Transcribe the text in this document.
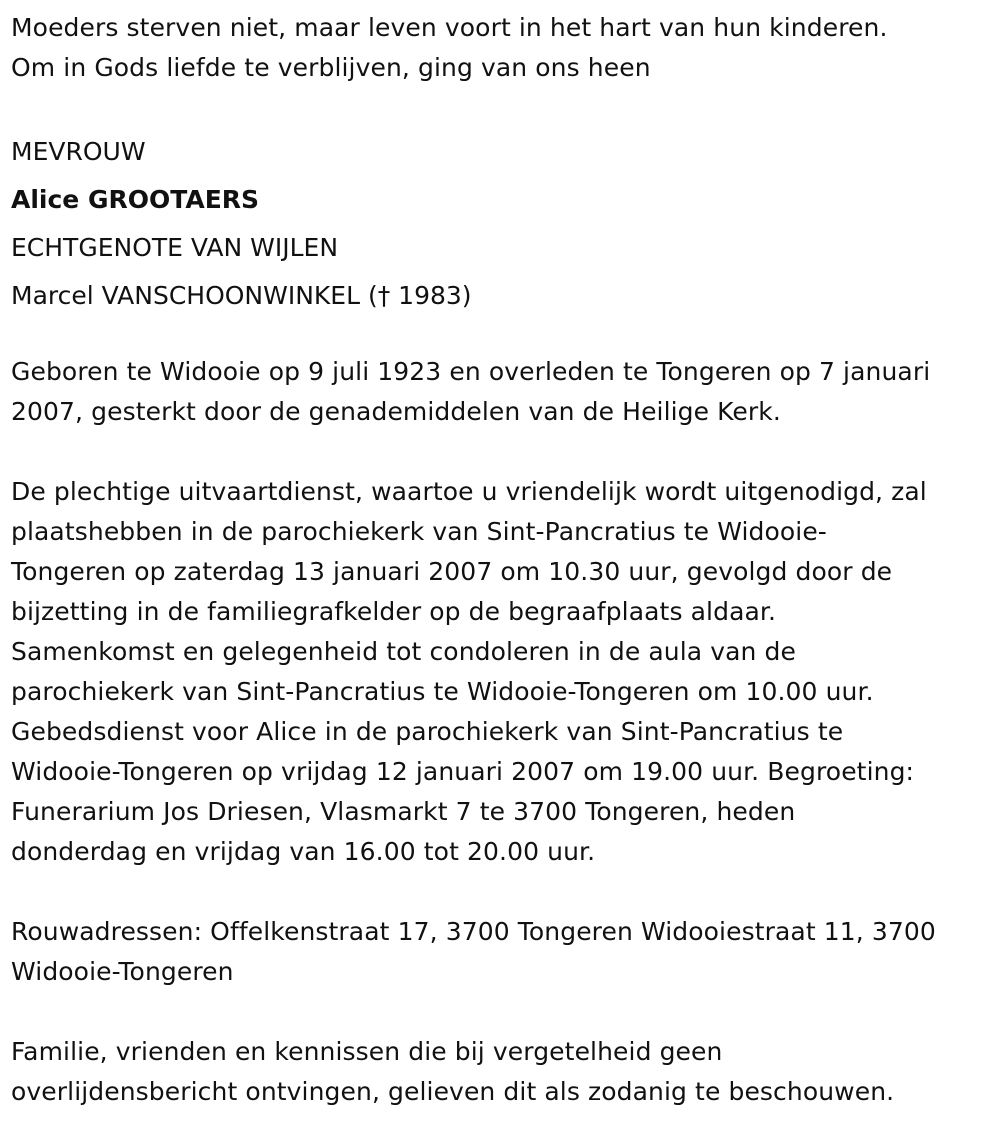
Moeders sterven niet, maar leven voort in het hart van hun kinderen.
Om in Gods liefde te verblijven, ging van ons heen

MEVROUW
Alice GROOTAERS
ECHTGENOTE VAN WIJLEN
Marcel VANSCHOONWINKEL († 1983)

Geboren te Widooie op 9 juli 1923 en overleden te Tongeren op 7 januari
2007, gesterkt door de genademiddelen van de Heilige Kerk.

De plechtige uitvaartdienst, waartoe u vriendelijk wordt uitgenodigd, zal
plaatshebben in de parochiekerk van Sint-Pancratius te Widooie-
Tongeren op zaterdag 13 januari 2007 om 10.30 uur, gevolgd door de
bijzetting in de familiegrafkelder op de begraafplaats aldaar.
Samenkomst en gelegenheid tot condoleren in de aula van de
parochiekerk van Sint-Pancratius te Widooie-Tongeren om 10.00 uur.
Gebedsdienst voor Alice in de parochiekerk van Sint-Pancratius te
Widooie-Tongeren op vrijdag 12 januari 2007 om 19.00 uur. Begroeting:
Funerarium Jos Driesen, Vlasmarkt 7 te 3700 Tongeren, heden
donderdag en vrijdag van 16.00 tot 20.00 uur.

Rouwadressen: Offelkenstraat 17, 3700 Tongeren Widooiestraat 11, 3700
Widooie-Tongeren

Familie, vrienden en kennissen die bij vergetelheid geen
overlijdensbericht ontvingen, gelieven dit als zodanig te beschouwen.
